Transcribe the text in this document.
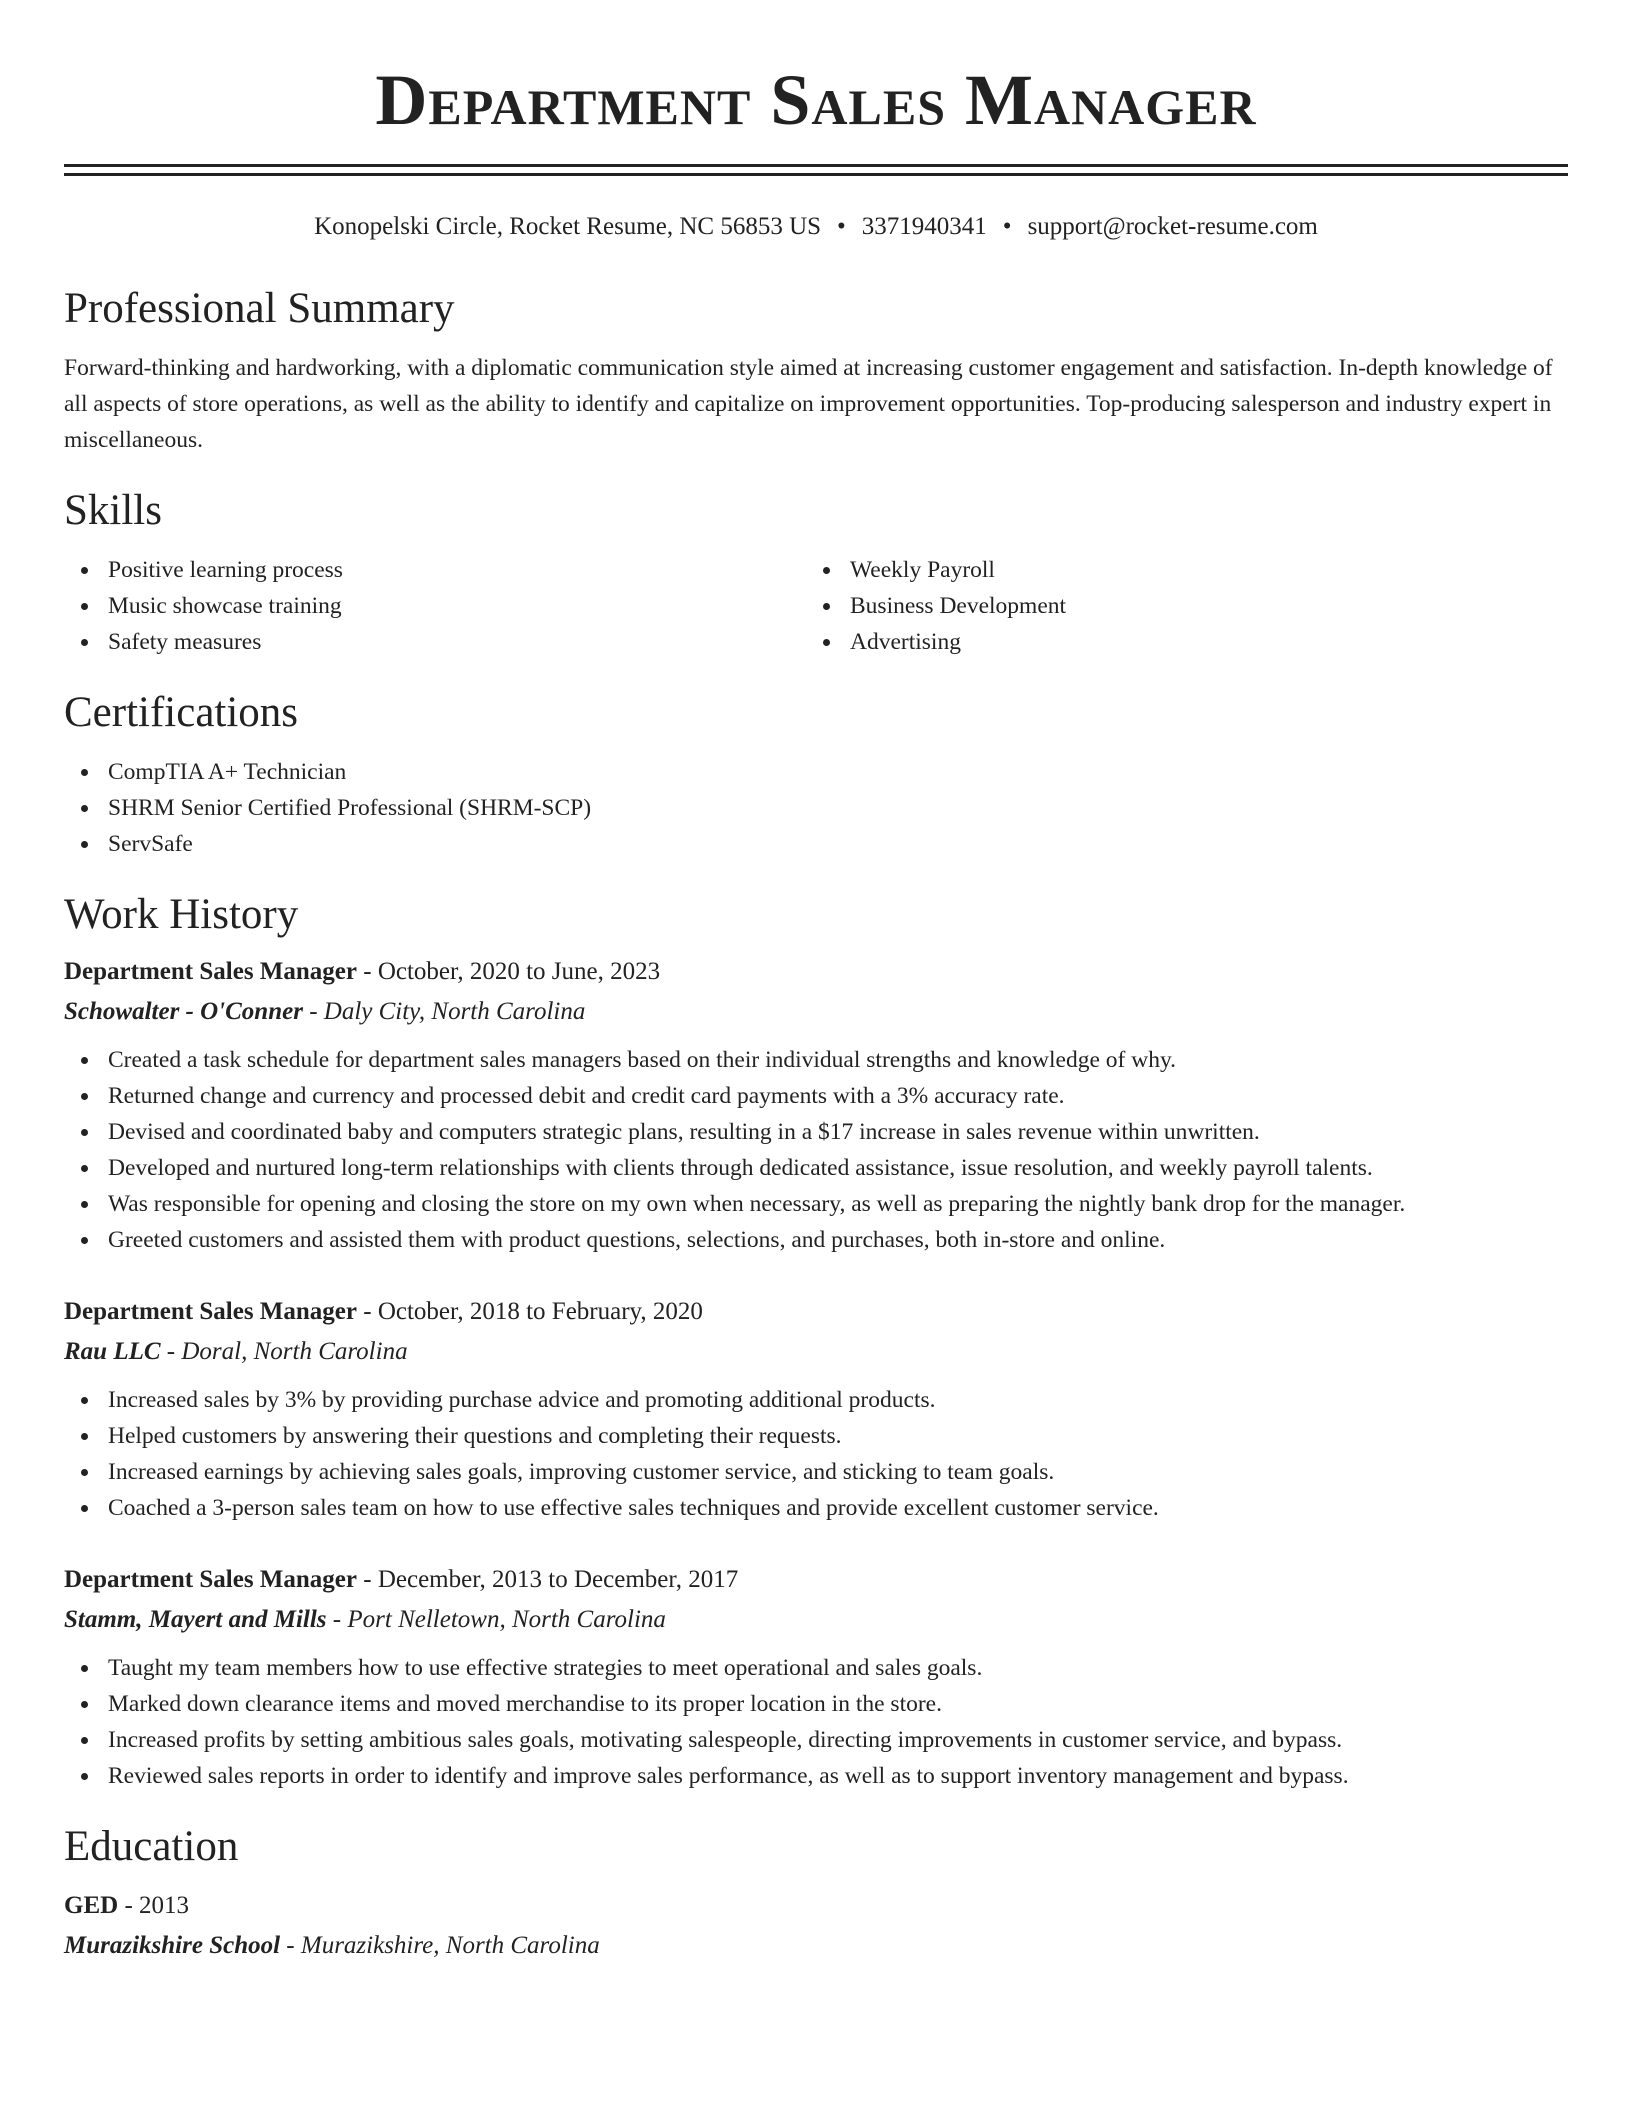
Department Sales Manager
Konopelski Circle, Rocket Resume, NC 56853 US • 3371940341 • support@rocket-resume.com
Professional Summary
Forward-thinking and hardworking, with a diplomatic communication style aimed at increasing customer engagement and satisfaction. In-depth knowledge of all aspects of store operations, as well as the ability to identify and capitalize on improvement opportunities. Top-producing salesperson and industry expert in miscellaneous.
Skills
Positive learning process
Music showcase training
Safety measures
Weekly Payroll
Business Development
Advertising
Certifications
CompTIA A+ Technician
SHRM Senior Certified Professional (SHRM-SCP)
ServSafe
Work History
Department Sales Manager - October, 2020 to June, 2023
Schowalter - O'Conner - Daly City, North Carolina
Created a task schedule for department sales managers based on their individual strengths and knowledge of why.
Returned change and currency and processed debit and credit card payments with a 3% accuracy rate.
Devised and coordinated baby and computers strategic plans, resulting in a $17 increase in sales revenue within unwritten.
Developed and nurtured long-term relationships with clients through dedicated assistance, issue resolution, and weekly payroll talents.
Was responsible for opening and closing the store on my own when necessary, as well as preparing the nightly bank drop for the manager.
Greeted customers and assisted them with product questions, selections, and purchases, both in-store and online.
Department Sales Manager - October, 2018 to February, 2020
Rau LLC - Doral, North Carolina
Increased sales by 3% by providing purchase advice and promoting additional products.
Helped customers by answering their questions and completing their requests.
Increased earnings by achieving sales goals, improving customer service, and sticking to team goals.
Coached a 3-person sales team on how to use effective sales techniques and provide excellent customer service.
Department Sales Manager - December, 2013 to December, 2017
Stamm, Mayert and Mills - Port Nelletown, North Carolina
Taught my team members how to use effective strategies to meet operational and sales goals.
Marked down clearance items and moved merchandise to its proper location in the store.
Increased profits by setting ambitious sales goals, motivating salespeople, directing improvements in customer service, and bypass.
Reviewed sales reports in order to identify and improve sales performance, as well as to support inventory management and bypass.
Education
GED - 2013
Murazikshire School - Murazikshire, North Carolina
